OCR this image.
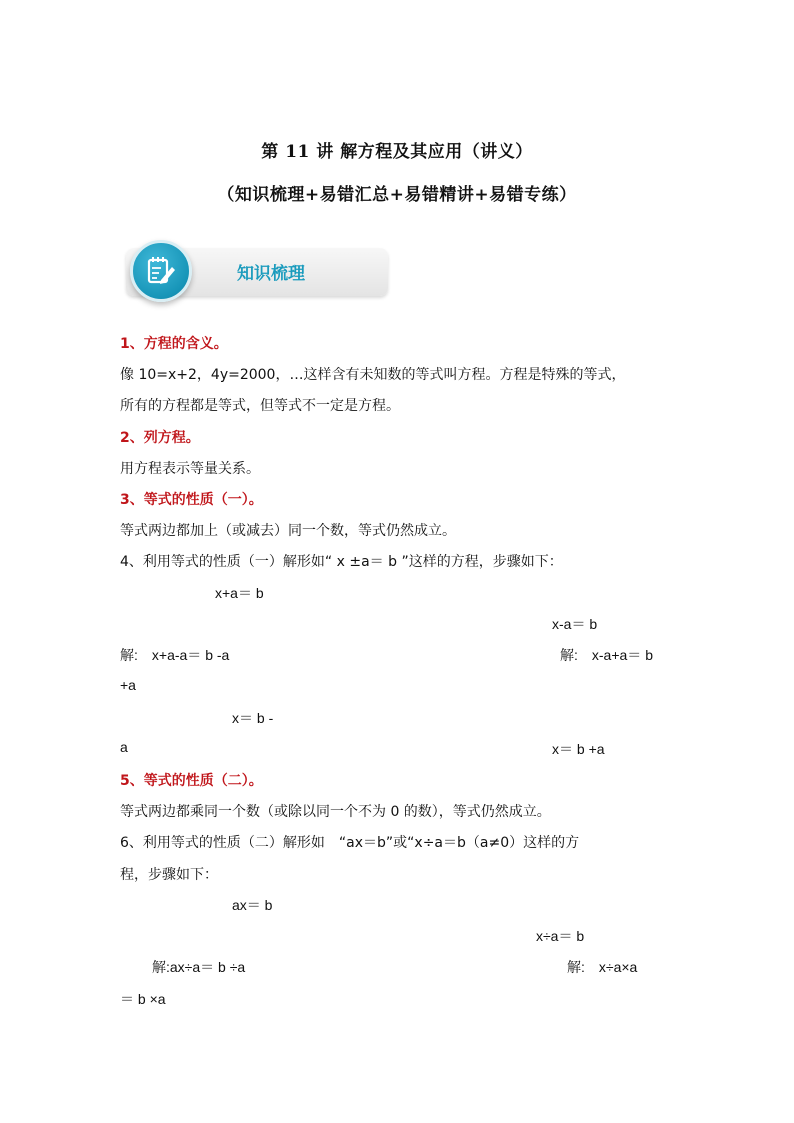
第 11 讲 解方程及其应用（讲义）
（知识梳理+易错汇总+易错精讲+易错专练）
知识梳理
1、方程的含义。
像 10=x+2，4y=2000，…这样含有未知数的等式叫方程。方程是特殊的等式，
所有的方程都是等式，但等式不一定是方程。
2、列方程。
用方程表示等量关系。
3、等式的性质（一）。
等式两边都加上（或减去）同一个数，等式仍然成立。
4、利用等式的性质（一）解形如“ x ±a＝ b ”这样的方程，步骤如下：
x+a＝ b
x-a＝ b
解:　x+a-a＝ b -a	解:　x-a+a＝ b
+a
x＝ b -
a	x＝ b +a
5、等式的性质（二）。
等式两边都乘同一个数（或除以同一个不为 0 的数），等式仍然成立。
6、利用等式的性质（二）解形如　“ax＝b”或“x÷a＝b（a≠0）这样的方
程，步骤如下：
ax＝ b
x÷a＝ b
解:ax÷a＝ b ÷a	解:　x÷a×a
＝ b ×a
